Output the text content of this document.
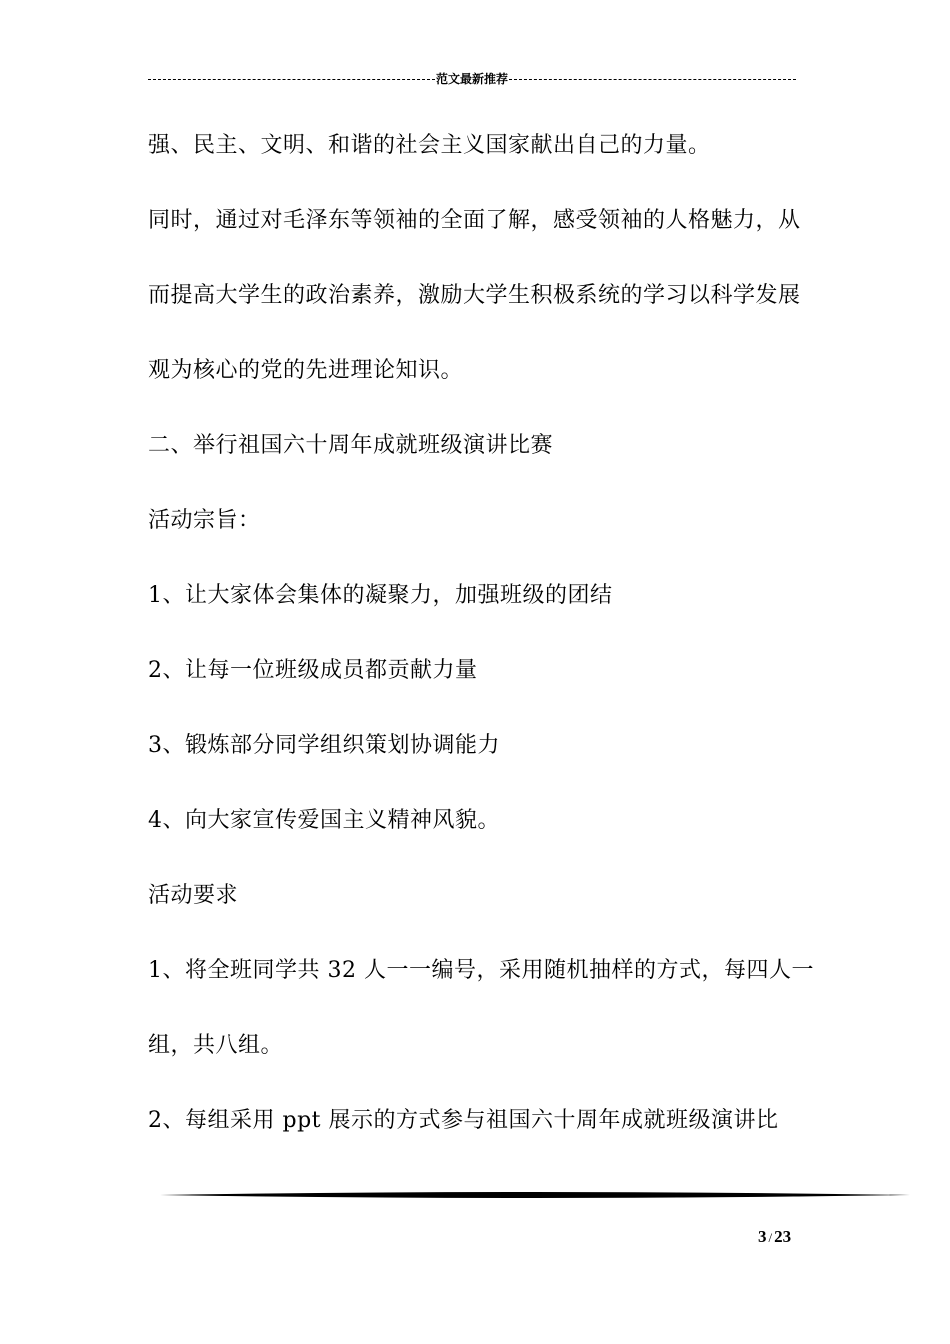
范文最新推荐
强、民主、文明、和谐的社会主义国家献出自己的力量。
同时，通过对毛泽东等领袖的全面了解，感受领袖的人格魅力，从
而提高大学生的政治素养，激励大学生积极系统的学习以科学发展
观为核心的党的先进理论知识。
二、举行祖国六十周年成就班级演讲比赛
活动宗旨：
1、让大家体会集体的凝聚力，加强班级的团结
2、让每一位班级成员都贡献力量
3、锻炼部分同学组织策划协调能力
4、向大家宣传爱国主义精神风貌。
活动要求
1、将全班同学共 32 人一一编号，采用随机抽样的方式，每四人一
组，共八组。
2、每组采用 ppt 展示的方式参与祖国六十周年成就班级演讲比
3 / 23
